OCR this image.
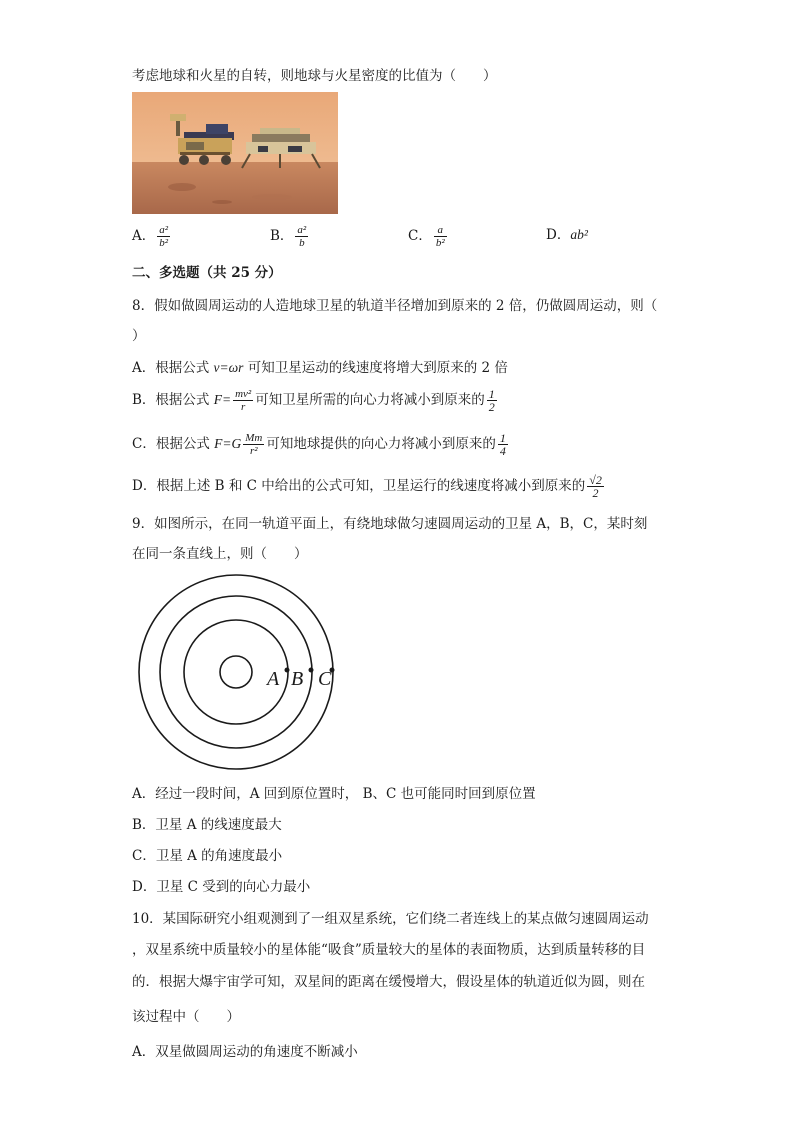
考虑地球和火星的自转，则地球与火星密度的比值为（　　）
A． $\frac{\text{a²}}{\text{b²}}$	B． $\frac{\text{a²}}{b}$	C． $\frac{a}{\text{b²}}$	D．ab²
二、多选题（共 25 分）
8．假如做圆周运动的人造地球卫星的轨道半径增加到原来的 2 倍，仍做圆周运动，则（
）
A．根据公式 v=ωr 可知卫星运动的线速度将增大到原来的 2 倍
B．根据公式 $F= \frac{\text{mv²}}{r}$ 可知卫星所需的向心力将减小到原来的 $\frac{1}{2}$
C．根据公式 $F=G \frac{Mm}{\text{r²}}$ 可知地球提供的向心力将减小到原来的 $\frac{1}{4}$
D．根据上述 B 和 C 中给出的公式可知，卫星运行的线速度将减小到原来的 $\frac{√2}{2}$
9．如图所示，在同一轨道平面上，有绕地球做匀速圆周运动的卫星 A，B，C，某时刻
在同一条直线上，则（　　）
A B C
A．经过一段时间，A 回到原位置时， B、C 也可能同时回到原位置
B．卫星 A 的线速度最大
C．卫星 A 的角速度最小
D．卫星 C 受到的向心力最小
10．某国际研究小组观测到了一组双星系统，它们绕二者连线上的某点做匀速圆周运动
，双星系统中质量较小的星体能“吸食”质量较大的星体的表面物质，达到质量转移的目
的．根据大爆宇宙学可知，双星间的距离在缓慢增大，假设星体的轨道近似为圆，则在
该过程中（　　）
A．双星做圆周运动的角速度不断减小
